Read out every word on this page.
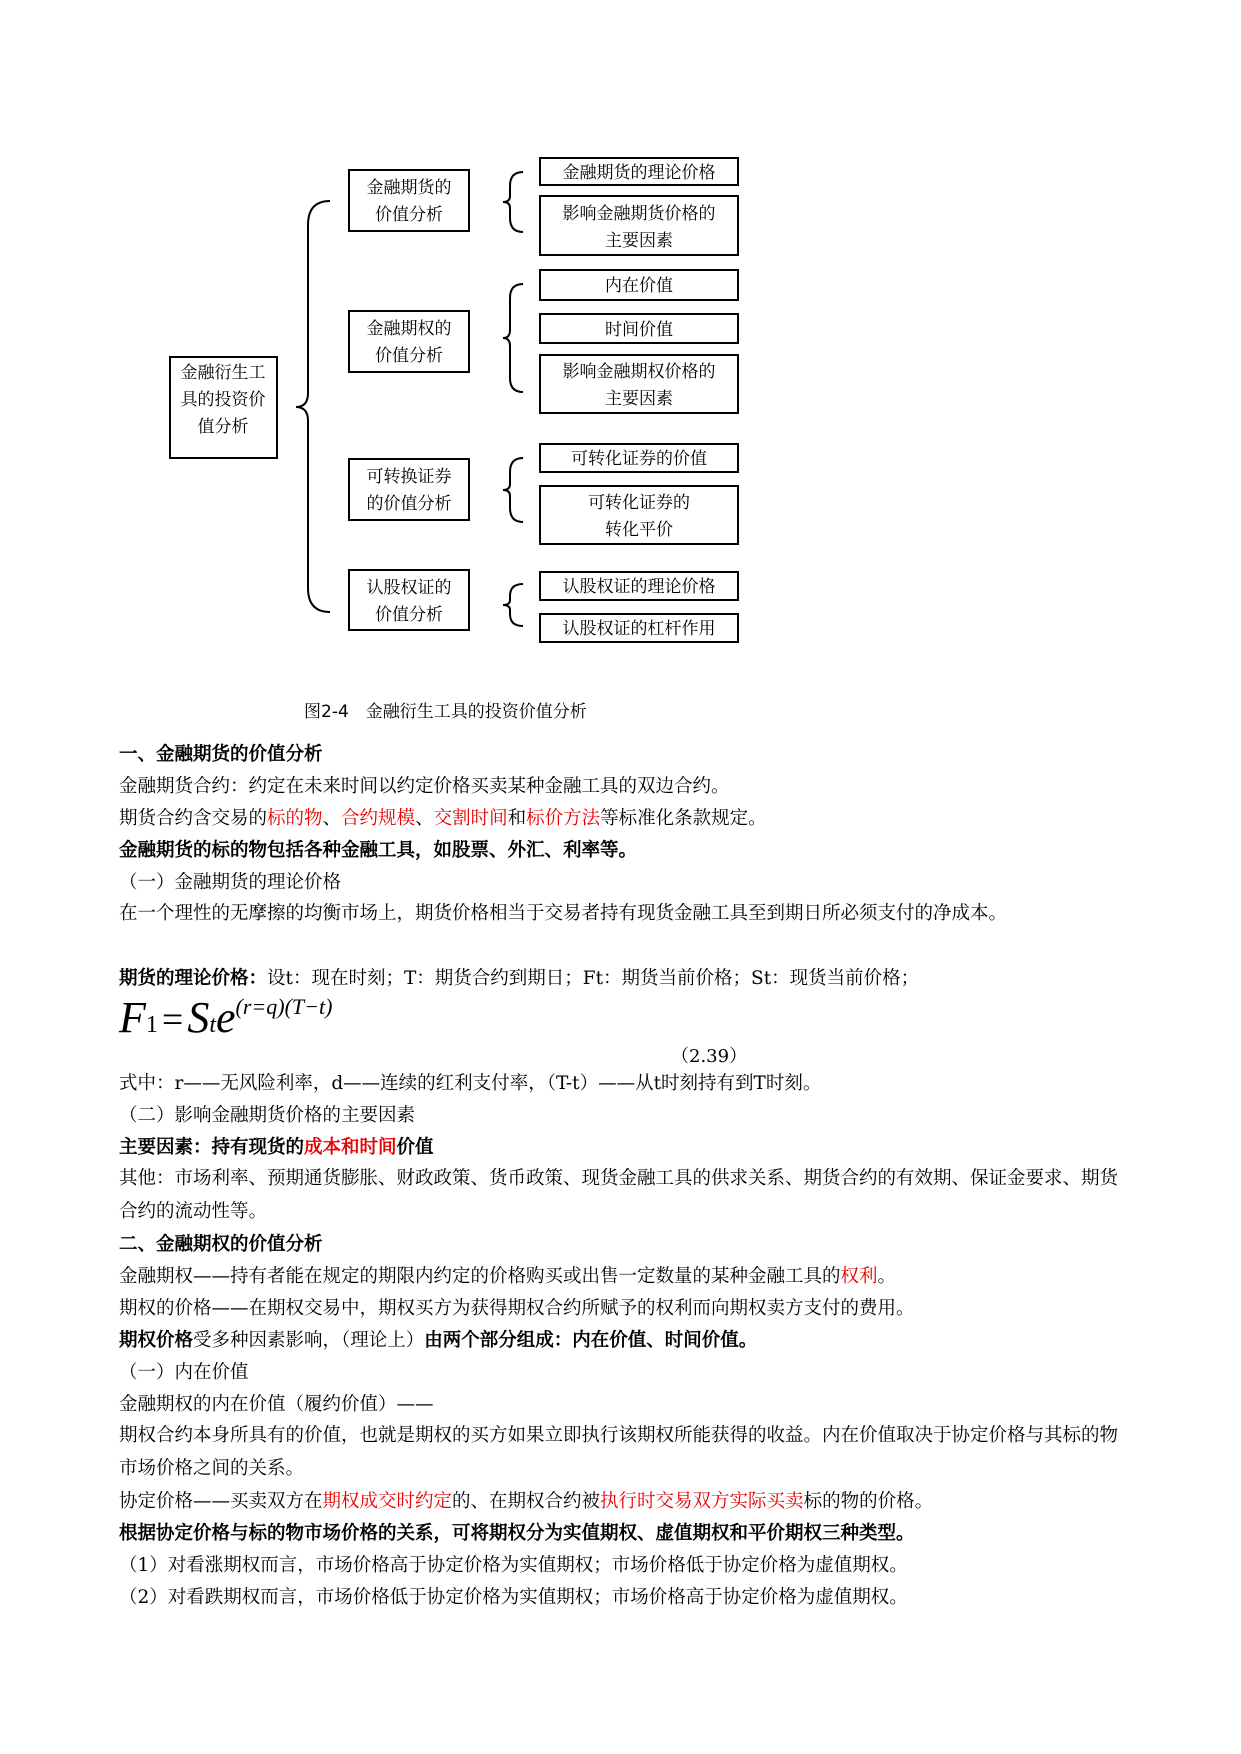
金融衍生工
具的投资价
值分析
金融期货的
价值分析
金融期货的理论价格
影响金融期货价格的
主要因素
金融期权的
价值分析
内在价值
时间价值
影响金融期权价格的
主要因素
可转换证券
的价值分析
可转化证券的价值
可转化证券的
转化平价
认股权证的
价值分析
认股权证的理论价格
认股权证的杠杆作用
图2-4　金融衍生工具的投资价值分析
一、金融期货的价值分析
金融期货合约：约定在未来时间以约定价格买卖某种金融工具的双边合约。
期货合约含交易的标的物、合约规模、交割时间和标价方法等标准化条款规定。
金融期货的标的物包括各种金融工具，如股票、外汇、利率等。
（一）金融期货的理论价格
在一个理性的无摩擦的均衡市场上，期货价格相当于交易者持有现货金融工具至到期日所必须支付的净成本。
期货的理论价格：设t：现在时刻；T：期货合约到期日；Ft：期货当前价格；St：现货当前价格；
F1 = Ste(r=q)(T−t)
（2.39）
式中：r——无风险利率，d——连续的红利支付率，（T-t）——从t时刻持有到T时刻。
（二）影响金融期货价格的主要因素
主要因素：持有现货的成本和时间价值
其他：市场利率、预期通货膨胀、财政政策、货币政策、现货金融工具的供求关系、期货合约的有效期、保证金要求、期货合约的流动性等。
二、金融期权的价值分析
金融期权——持有者能在规定的期限内约定的价格购买或出售一定数量的某种金融工具的权利。
期权的价格——在期权交易中，期权买方为获得期权合约所赋予的权利而向期权卖方支付的费用。
期权价格受多种因素影响，（理论上）由两个部分组成：内在价值、时间价值。
（一）内在价值
金融期权的内在价值（履约价值）——
期权合约本身所具有的价值，也就是期权的买方如果立即执行该期权所能获得的收益。内在价值取决于协定价格与其标的物市场价格之间的关系。
协定价格——买卖双方在期权成交时约定的、在期权合约被执行时交易双方实际买卖标的物的价格。
根据协定价格与标的物市场价格的关系，可将期权分为实值期权、虚值期权和平价期权三种类型。
（1）对看涨期权而言，市场价格高于协定价格为实值期权；市场价格低于协定价格为虚值期权。
（2）对看跌期权而言，市场价格低于协定价格为实值期权；市场价格高于协定价格为虚值期权。
